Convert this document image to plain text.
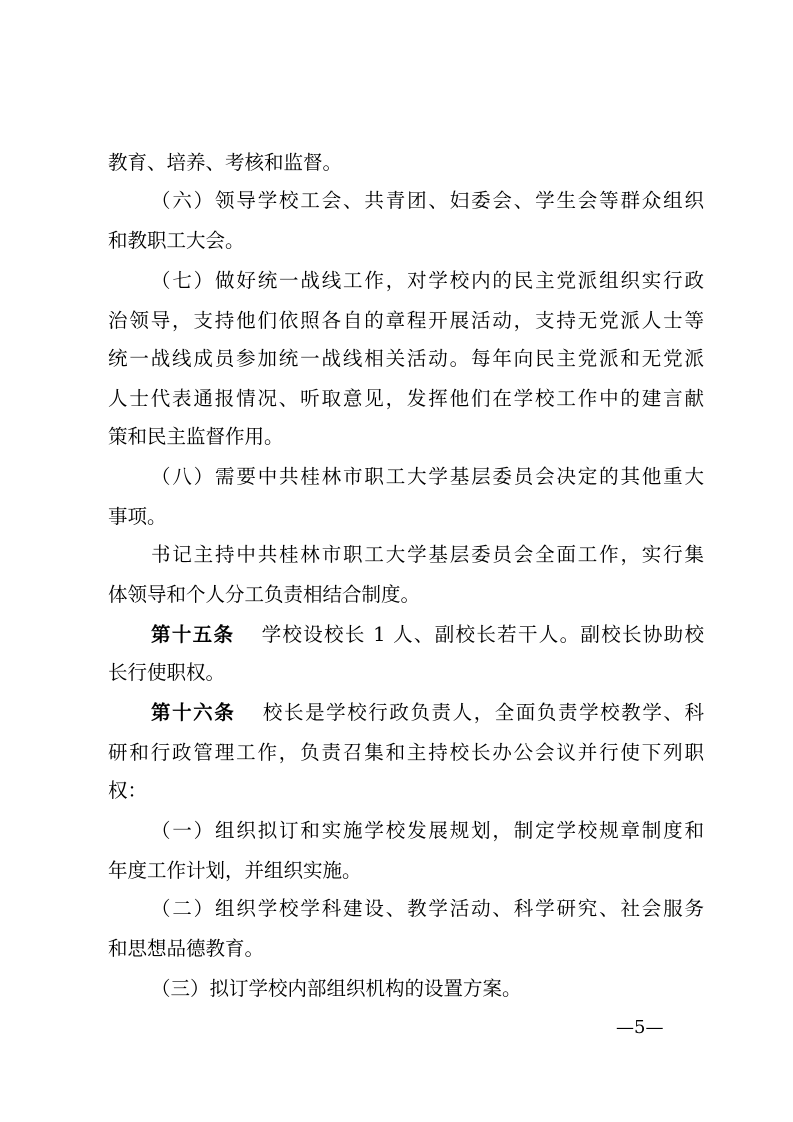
教育、培养、考核和监督。
（六）领导学校工会、共青团、妇委会、学生会等群众组织
和教职工大会。
（七）做好统一战线工作，对学校内的民主党派组织实行政
治领导，支持他们依照各自的章程开展活动，支持无党派人士等
统一战线成员参加统一战线相关活动。每年向民主党派和无党派
人士代表通报情况、听取意见，发挥他们在学校工作中的建言献
策和民主监督作用。
（八）需要中共桂林市职工大学基层委员会决定的其他重大
事项。
书记主持中共桂林市职工大学基层委员会全面工作，实行集
体领导和个人分工负责相结合制度。
第十五条 学校设校长 1 人、副校长若干人。副校长协助校
长行使职权。
第十六条 校长是学校行政负责人，全面负责学校教学、科
研和行政管理工作，负责召集和主持校长办公会议并行使下列职
权：
（一）组织拟订和实施学校发展规划，制定学校规章制度和
年度工作计划，并组织实施。
（二）组织学校学科建设、教学活动、科学研究、社会服务
和思想品德教育。
（三）拟订学校内部组织机构的设置方案。
—5—
